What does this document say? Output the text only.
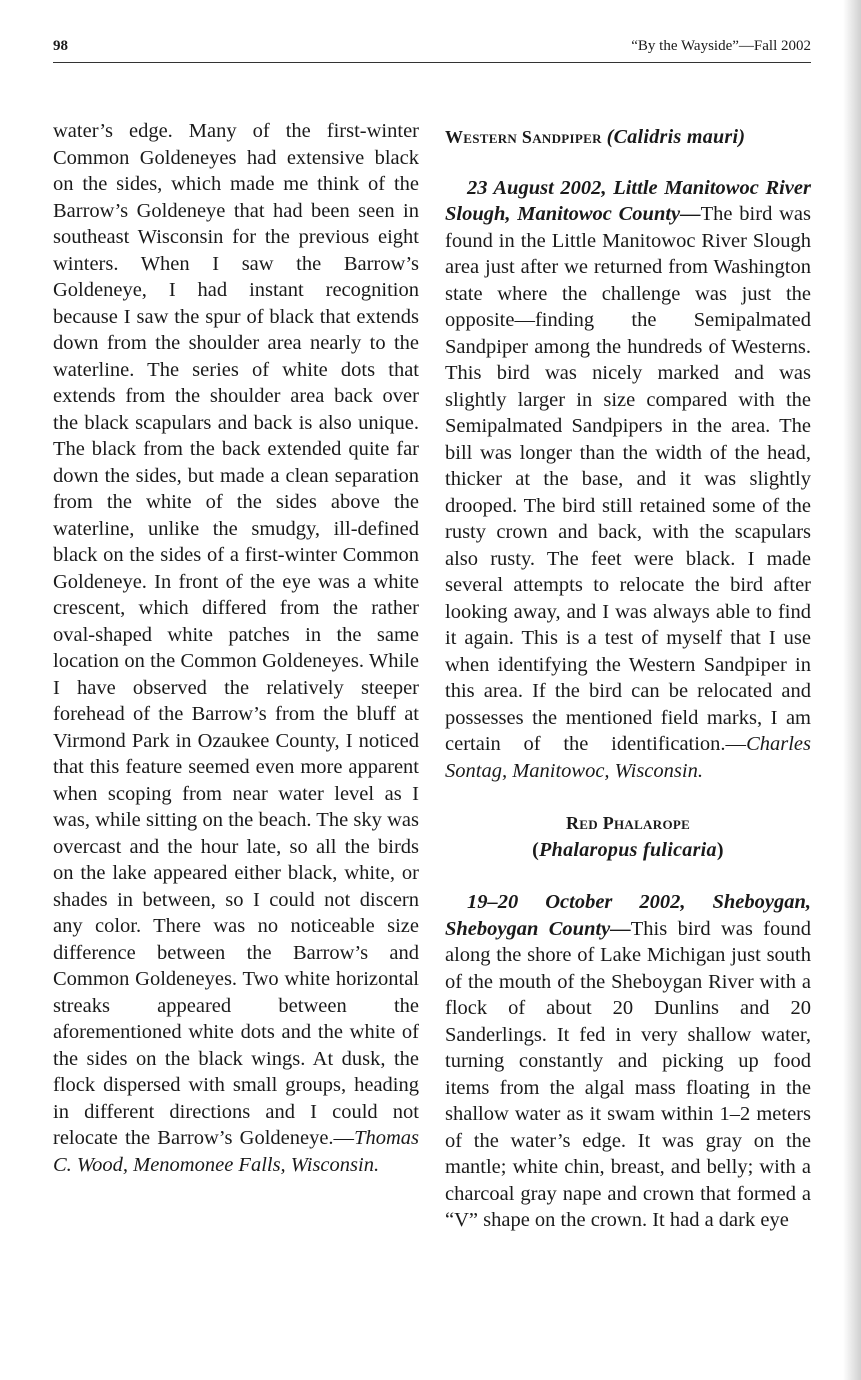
98	“By the Wayside”—Fall 2002

water’s edge. Many of the first-winter Common Goldeneyes had extensive black on the sides, which made me think of the Barrow’s Goldeneye that had been seen in southeast Wisconsin for the previous eight winters. When I saw the Barrow’s Goldeneye, I had instant recognition because I saw the spur of black that extends down from the shoulder area nearly to the waterline. The series of white dots that extends from the shoulder area back over the black scapulars and back is also unique. The black from the back extended quite far down the sides, but made a clean separation from the white of the sides above the waterline, unlike the smudgy, ill-defined black on the sides of a first-winter Common Goldeneye. In front of the eye was a white crescent, which differed from the rather oval-shaped white patches in the same location on the Common Goldeneyes. While I have observed the relatively steeper forehead of the Barrow’s from the bluff at Virmond Park in Ozaukee County, I noticed that this feature seemed even more apparent when scoping from near water level as I was, while sitting on the beach. The sky was overcast and the hour late, so all the birds on the lake appeared either black, white, or shades in between, so I could not discern any color. There was no noticeable size difference between the Barrow’s and Common Goldeneyes. Two white horizontal streaks appeared between the aforementioned white dots and the white of the sides on the black wings. At dusk, the flock dispersed with small groups, heading in different directions and I could not relocate the Barrow’s Goldeneye.—Thomas C. Wood, Menomonee Falls, Wisconsin.

Western Sandpiper (Calidris mauri)

23 August 2002, Little Manitowoc River Slough, Manitowoc County—The bird was found in the Little Manitowoc River Slough area just after we returned from Washington state where the challenge was just the opposite—finding the Semipalmated Sandpiper among the hundreds of Westerns. This bird was nicely marked and was slightly larger in size compared with the Semipalmated Sandpipers in the area. The bill was longer than the width of the head, thicker at the base, and it was slightly drooped. The bird still retained some of the rusty crown and back, with the scapulars also rusty. The feet were black. I made several attempts to relocate the bird after looking away, and I was always able to find it again. This is a test of myself that I use when identifying the Western Sandpiper in this area. If the bird can be relocated and possesses the mentioned field marks, I am certain of the identification.—Charles Sontag, Manitowoc, Wisconsin.

Red Phalarope
(Phalaropus fulicaria)

19–20 October 2002, Sheboygan, Sheboygan County—This bird was found along the shore of Lake Michigan just south of the mouth of the Sheboygan River with a flock of about 20 Dunlins and 20 Sanderlings. It fed in very shallow water, turning constantly and picking up food items from the algal mass floating in the shallow water as it swam within 1–2 meters of the water’s edge. It was gray on the mantle; white chin, breast, and belly; with a charcoal gray nape and crown that formed a “V” shape on the crown. It had a dark eye
